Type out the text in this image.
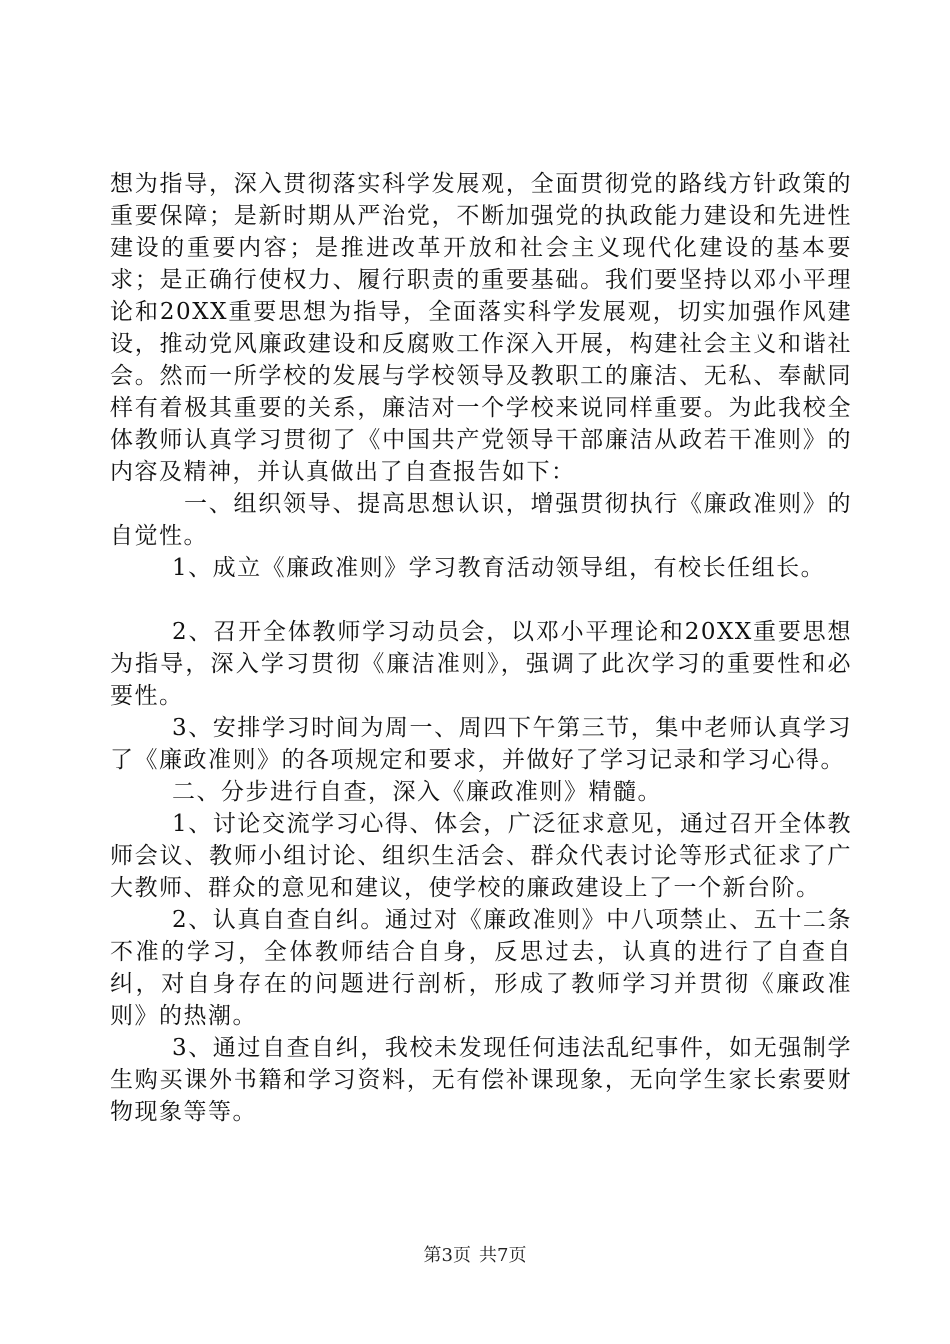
想为指导，深入贯彻落实科学发展观，全面贯彻党的路线方针政策的重要保障；是新时期从严治党，不断加强党的执政能力建设和先进性建设的重要内容；是推进改革开放和社会主义现代化建设的基本要求；是正确行使权力、履行职责的重要基础。我们要坚持以邓小平理论和20XX重要思想为指导，全面落实科学发展观，切实加强作风建设，推动党风廉政建设和反腐败工作深入开展，构建社会主义和谐社会。然而一所学校的发展与学校领导及教职工的廉洁、无私、奉献同样有着极其重要的关系，廉洁对一个学校来说同样重要。为此我校全体教师认真学习贯彻了《中国共产党领导干部廉洁从政若干准则》的内容及精神，并认真做出了自查报告如下：

一、组织领导、提高思想认识，增强贯彻执行《廉政准则》的自觉性。

1、成立《廉政准则》学习教育活动领导组，有校长任组长。

2、召开全体教师学习动员会，以邓小平理论和20XX重要思想为指导，深入学习贯彻《廉洁准则》，强调了此次学习的重要性和必要性。

3、安排学习时间为周一、周四下午第三节，集中老师认真学习了《廉政准则》的各项规定和要求，并做好了学习记录和学习心得。

二、分步进行自查，深入《廉政准则》精髓。

1、讨论交流学习心得、体会，广泛征求意见，通过召开全体教师会议、教师小组讨论、组织生活会、群众代表讨论等形式征求了广大教师、群众的意见和建议，使学校的廉政建设上了一个新台阶。

2、认真自查自纠。通过对《廉政准则》中八项禁止、五十二条不准的学习，全体教师结合自身，反思过去，认真的进行了自查自纠，对自身存在的问题进行剖析，形成了教师学习并贯彻《廉政准则》的热潮。

3、通过自查自纠，我校未发现任何违法乱纪事件，如无强制学生购买课外书籍和学习资料，无有偿补课现象，无向学生家长索要财物现象等等。

第3页 共7页
